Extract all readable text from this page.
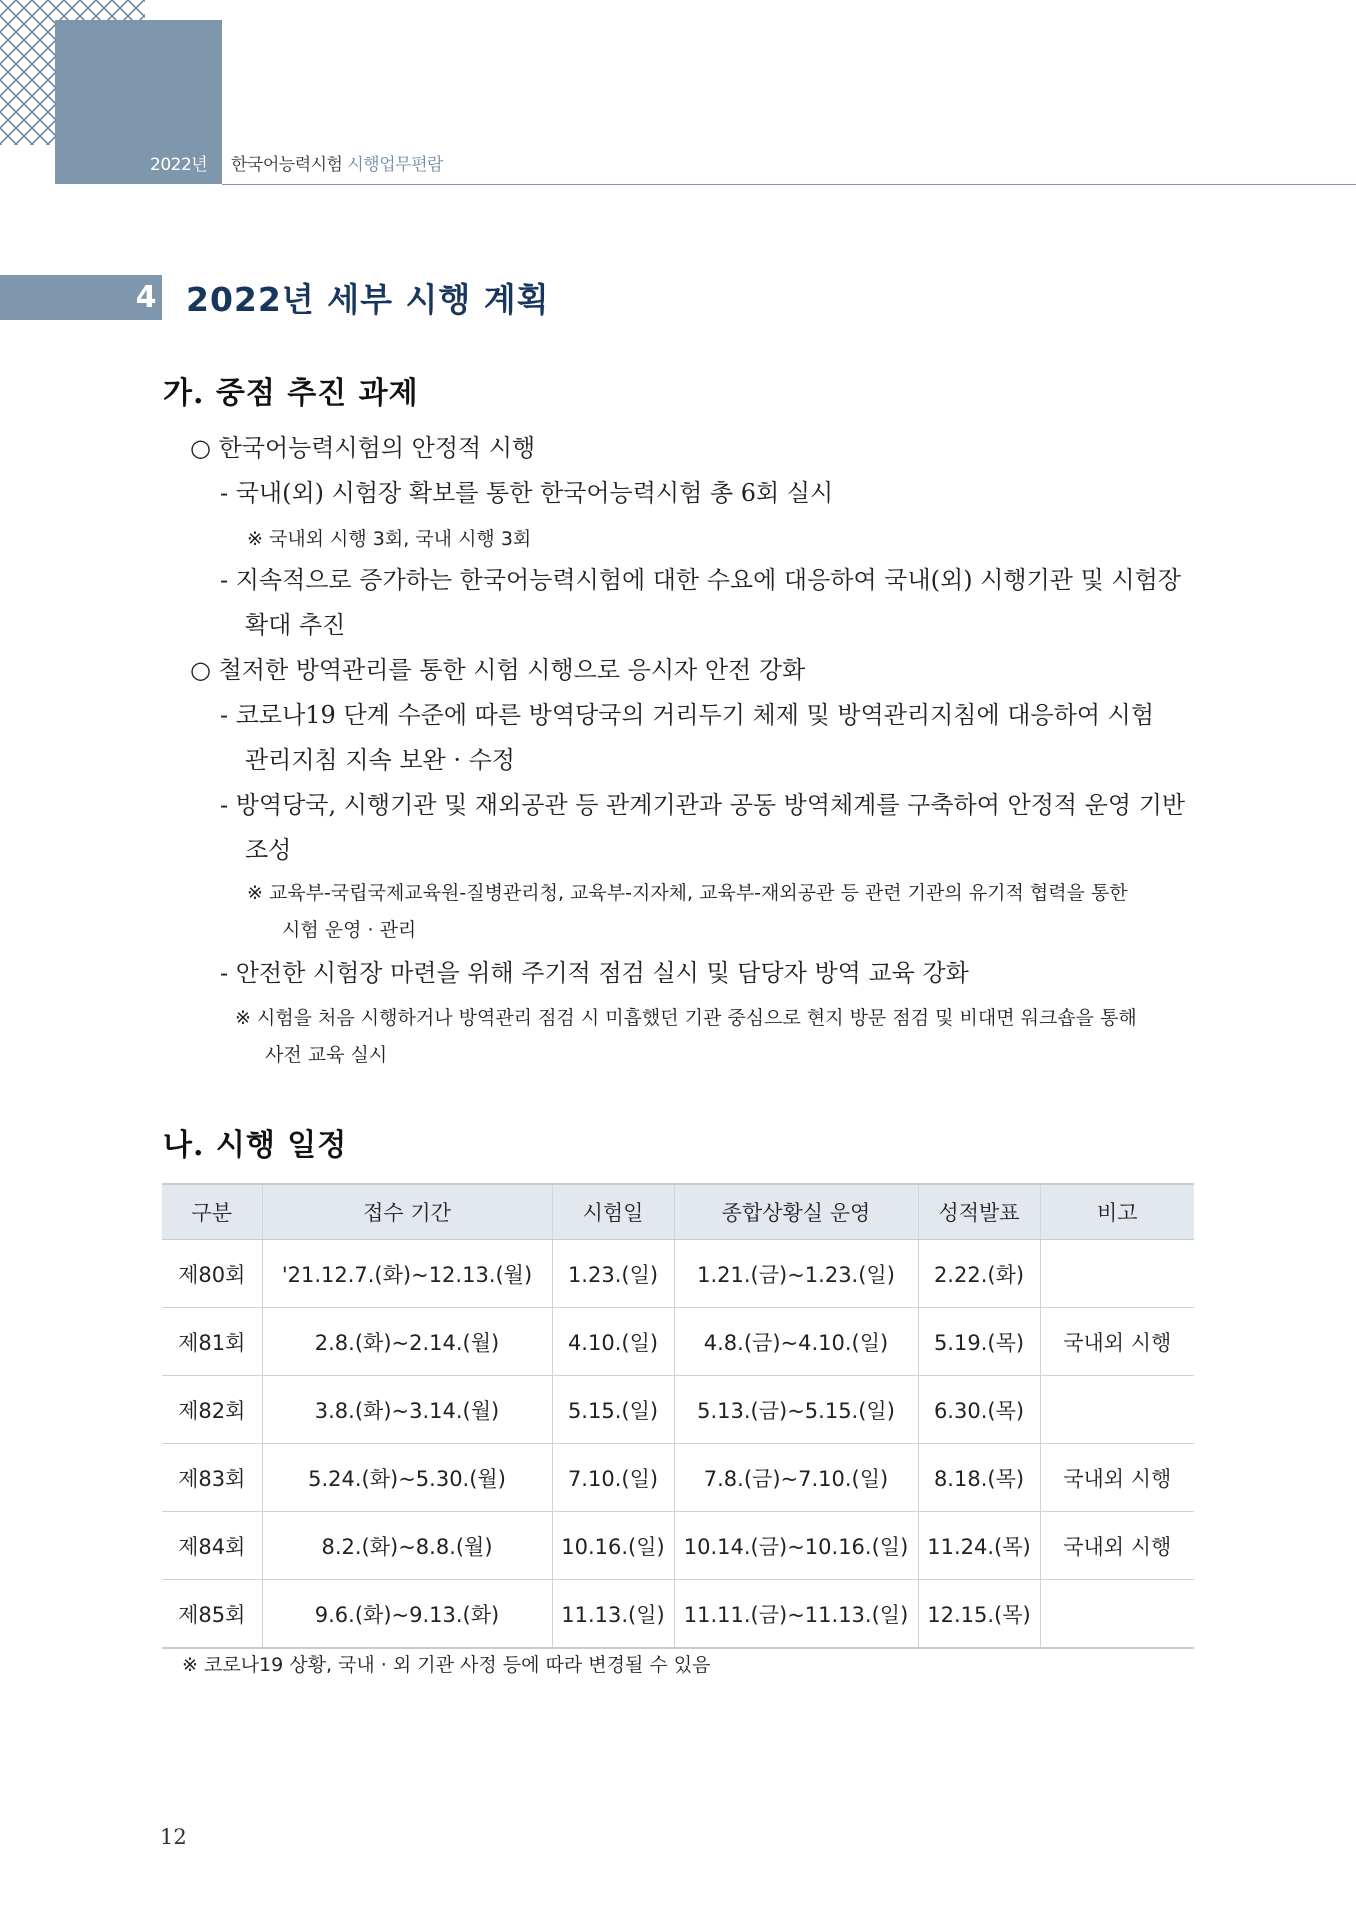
2022년 한국어능력시험 시행업무편람
4 2022년 세부 시행 계획
가. 중점 추진 과제
○ 한국어능력시험의 안정적 시행
- 국내(외) 시험장 확보를 통한 한국어능력시험 총 6회 실시
※ 국내외 시행 3회, 국내 시행 3회
- 지속적으로 증가하는 한국어능력시험에 대한 수요에 대응하여 국내(외) 시행기관 및 시험장
확대 추진
○ 철저한 방역관리를 통한 시험 시행으로 응시자 안전 강화
- 코로나19 단계 수준에 따른 방역당국의 거리두기 체제 및 방역관리지침에 대응하여 시험
관리지침 지속 보완 · 수정
- 방역당국, 시행기관 및 재외공관 등 관계기관과 공동 방역체계를 구축하여 안정적 운영 기반
조성
※ 교육부-국립국제교육원-질병관리청, 교육부-지자체, 교육부-재외공관 등 관련 기관의 유기적 협력을 통한
시험 운영 · 관리
- 안전한 시험장 마련을 위해 주기적 점검 실시 및 담당자 방역 교육 강화
※ 시험을 처음 시행하거나 방역관리 점검 시 미흡했던 기관 중심으로 현지 방문 점검 및 비대면 워크숍을 통해
사전 교육 실시
나. 시행 일정
구분	접수 기간	시험일	종합상황실 운영	성적발표	비고
제80회	'21.12.7.(화)~12.13.(월)	1.23.(일)	1.21.(금)~1.23.(일)	2.22.(화)	
제81회	2.8.(화)~2.14.(월)	4.10.(일)	4.8.(금)~4.10.(일)	5.19.(목)	국내외 시행
제82회	3.8.(화)~3.14.(월)	5.15.(일)	5.13.(금)~5.15.(일)	6.30.(목)	
제83회	5.24.(화)~5.30.(월)	7.10.(일)	7.8.(금)~7.10.(일)	8.18.(목)	국내외 시행
제84회	8.2.(화)~8.8.(월)	10.16.(일)	10.14.(금)~10.16.(일)	11.24.(목)	국내외 시행
제85회	9.6.(화)~9.13.(화)	11.13.(일)	11.11.(금)~11.13.(일)	12.15.(목)	
※ 코로나19 상황, 국내 · 외 기관 사정 등에 따라 변경될 수 있음
12
